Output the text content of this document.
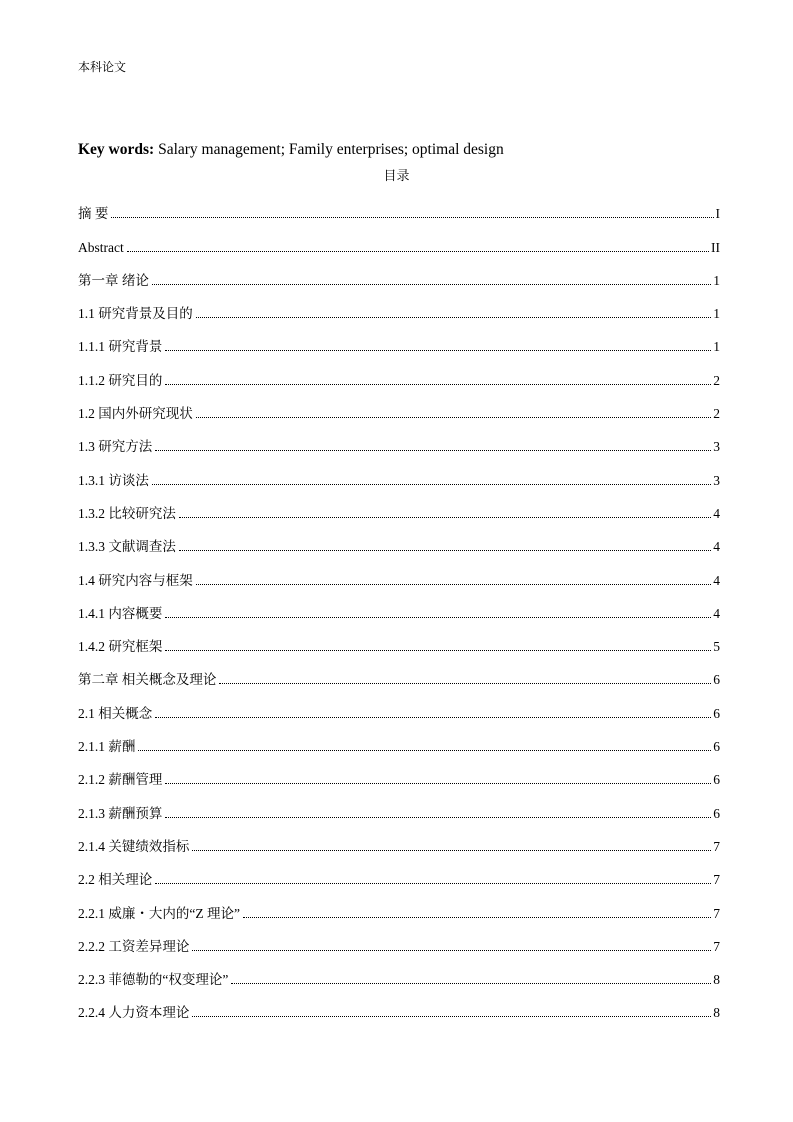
本科论文
Key words: Salary management; Family enterprises; optimal design
目录
摘 要	I
Abstract	II
第一章 绪论	1
1.1 研究背景及目的	1
1.1.1 研究背景	1
1.1.2 研究目的	2
1.2 国内外研究现状	2
1.3 研究方法	3
1.3.1 访谈法	3
1.3.2 比较研究法	4
1.3.3 文献调查法	4
1.4 研究内容与框架	4
1.4.1 内容概要	4
1.4.2 研究框架	5
第二章 相关概念及理论	6
2.1 相关概念	6
2.1.1 薪酬	6
2.1.2 薪酬管理	6
2.1.3 薪酬预算	6
2.1.4 关键绩效指标	7
2.2 相关理论	7
2.2.1 威廉・大内的“Z 理论”	7
2.2.2 工资差异理论	7
2.2.3 菲德勒的“权变理论”	8
2.2.4 人力资本理论	8
